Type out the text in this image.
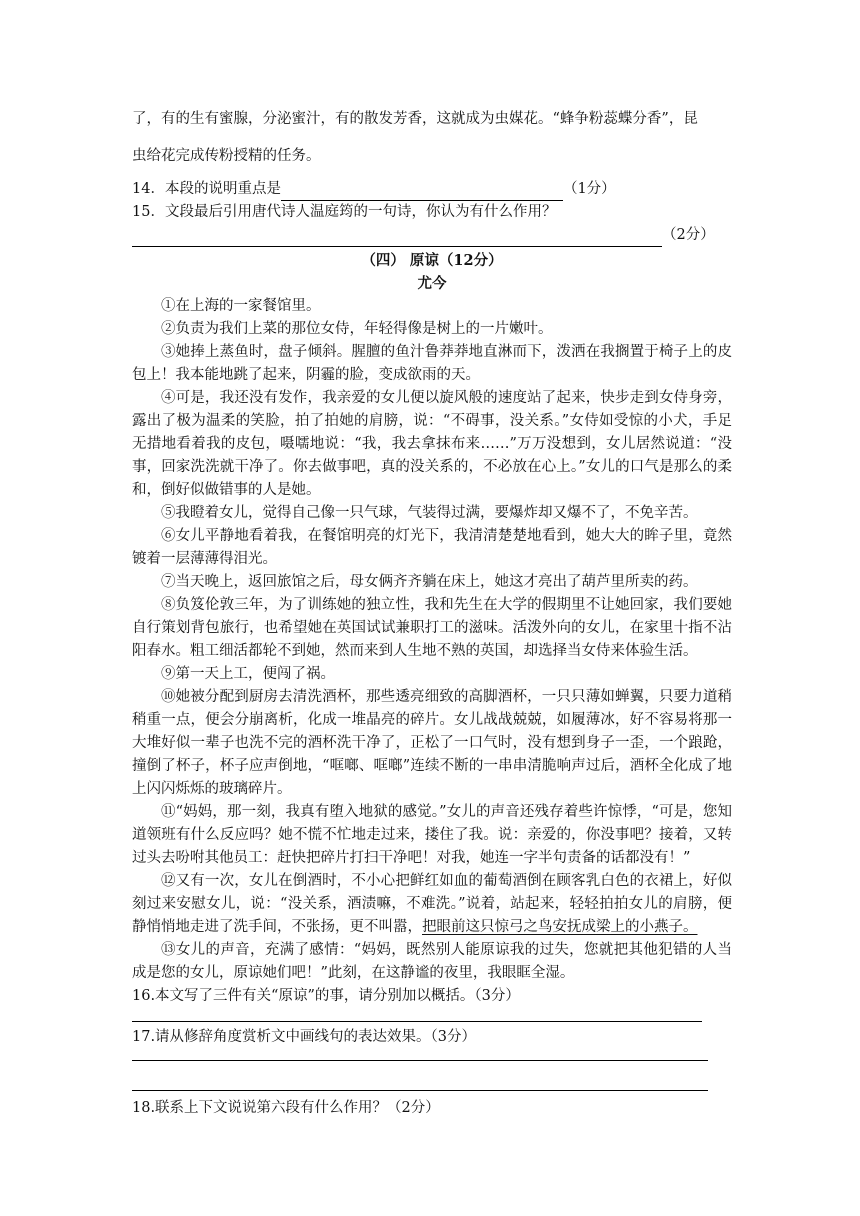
了，有的生有蜜腺，分泌蜜汁，有的散发芳香，这就成为虫媒花。“蜂争粉蕊蝶分香”，昆

虫给花完成传粉授精的任务。

14． 本段的说明重点是	（1分）
15． 文段最后引用唐代诗人温庭筠的一句诗，你认为有什么作用？
（2分）
（四） 原谅（12分）
尤今

①在上海的一家餐馆里。

②负责为我们上菜的那位女侍，年轻得像是树上的一片嫩叶。

③她捧上蒸鱼时，盘子倾斜。腥膻的鱼汁鲁莽莽地直淋而下，泼洒在我搁置于椅子上的皮包上！我本能地跳了起来，阴霾的脸，变成欲雨的天。

④可是，我还没有发作，我亲爱的女儿便以旋风般的速度站了起来，快步走到女侍身旁，露出了极为温柔的笑脸，拍了拍她的肩膀，说：“不碍事，没关系。”女侍如受惊的小犬，手足无措地看着我的皮包，嗫嚅地说：“我，我去拿抹布来……”万万没想到，女儿居然说道：“没事，回家洗洗就干净了。你去做事吧，真的没关系的，不必放在心上。”女儿的口气是那么的柔和，倒好似做错事的人是她。

⑤我瞪着女儿，觉得自己像一只气球，气装得过满，要爆炸却又爆不了，不免辛苦。

⑥女儿平静地看着我，在餐馆明亮的灯光下，我清清楚楚地看到，她大大的眸子里，竟然镀着一层薄薄得泪光。

⑦当天晚上，返回旅馆之后，母女俩齐齐躺在床上，她这才亮出了葫芦里所卖的药。

⑧负笈伦敦三年，为了训练她的独立性，我和先生在大学的假期里不让她回家，我们要她自行策划背包旅行，也希望她在英国试试兼职打工的滋味。活泼外向的女儿，在家里十指不沾阳春水。粗工细活都轮不到她，然而来到人生地不熟的英国，却选择当女侍来体验生活。

⑨第一天上工，便闯了祸。

⑩她被分配到厨房去清洗酒杯，那些透亮细致的高脚酒杯，一只只薄如蝉翼，只要力道稍稍重一点，便会分崩离析，化成一堆晶亮的碎片。女儿战战兢兢，如履薄冰，好不容易将那一大堆好似一辈子也洗不完的酒杯洗干净了，正松了一口气时，没有想到身子一歪，一个踉跄，撞倒了杯子，杯子应声倒地，“哐啷、哐啷”连续不断的一串串清脆响声过后，酒杯全化成了地上闪闪烁烁的玻璃碎片。

⑪“妈妈，那一刻，我真有堕入地狱的感觉。”女儿的声音还残存着些许惊悸，“可是，您知道领班有什么反应吗？她不慌不忙地走过来，搂住了我。说：亲爱的，你没事吧？接着，又转过头去吩咐其他员工：赶快把碎片打扫干净吧！对我，她连一字半句责备的话都没有！”

⑫又有一次，女儿在倒酒时，不小心把鲜红如血的葡萄酒倒在顾客乳白色的衣裙上，好似刻过来安慰女儿，说：“没关系，酒渍嘛，不难洗。”说着，站起来，轻轻拍拍女儿的肩膀，便静悄悄地走进了洗手间，不张扬，更不叫嚣，把眼前这只惊弓之鸟安抚成梁上的小燕子。

⑬女儿的声音，充满了感情：“妈妈，既然别人能原谅我的过失，您就把其他犯错的人当成是您的女儿，原谅她们吧！”此刻，在这静谧的夜里，我眼眶全湿。

16.本文写了三件有关“原谅”的事，请分别加以概括。（3分）

17.请从修辞角度赏析文中画线句的表达效果。（3分）

18.联系上下文说说第六段有什么作用？（2分）
